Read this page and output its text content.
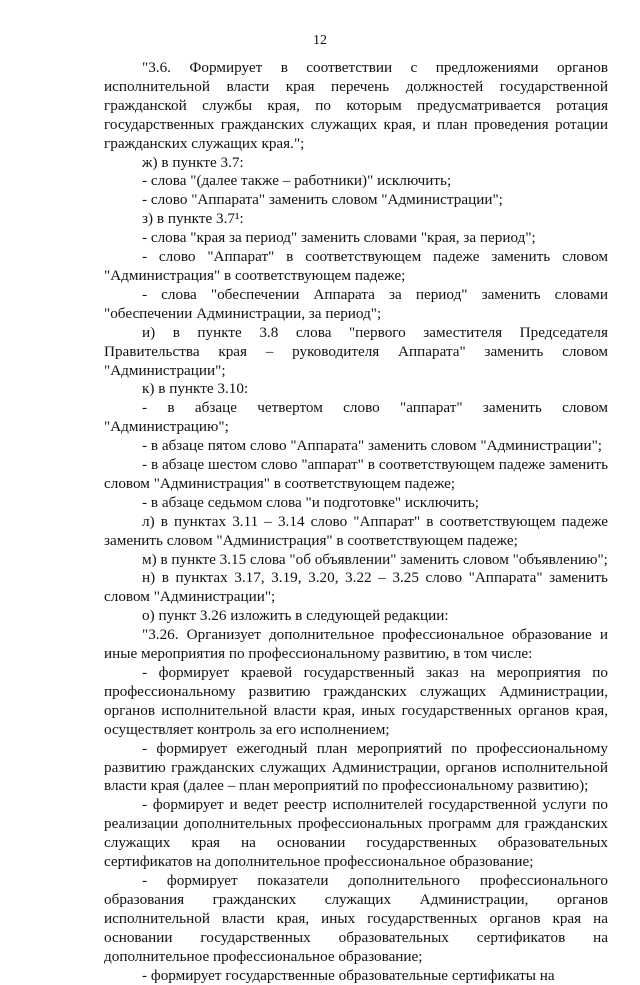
12

"3.6. Формирует в соответствии с предложениями органов исполнительной власти края перечень должностей государственной гражданской службы края, по которым предусматривается ротация государственных гражданских служащих края, и план проведения ротации гражданских служащих края.";

ж) в пункте 3.7:

- слова "(далее также – работники)" исключить;

- слово "Аппарата" заменить словом "Администрации";

з) в пункте 3.7¹:

- слова "края за период" заменить словами "края, за период";

- слово "Аппарат" в соответствующем падеже заменить словом "Администрация" в соответствующем падеже;

- слова "обеспечении Аппарата за период" заменить словами "обеспечении Администрации, за период";

и) в пункте 3.8 слова "первого заместителя Председателя Правительства края – руководителя Аппарата" заменить словом "Администрации";

к) в пункте 3.10:

- в абзаце четвертом слово "аппарат" заменить словом "Администрацию";

- в абзаце пятом слово "Аппарата" заменить словом "Администрации";

- в абзаце шестом слово "аппарат" в соответствующем падеже заменить словом "Администрация" в соответствующем падеже;

- в абзаце седьмом слова "и подготовке" исключить;

л) в пунктах 3.11 – 3.14 слово "Аппарат" в соответствующем падеже заменить словом "Администрация" в соответствующем падеже;

м) в пункте 3.15 слова "об объявлении" заменить словом "объявлению";

н) в пунктах 3.17, 3.19, 3.20, 3.22 – 3.25 слово "Аппарата" заменить словом "Администрации";

о) пункт 3.26 изложить в следующей редакции:

"3.26. Организует дополнительное профессиональное образование и иные мероприятия по профессиональному развитию, в том числе:

- формирует краевой государственный заказ на мероприятия по профессиональному развитию гражданских служащих Администрации, органов исполнительной власти края, иных государственных органов края, осуществляет контроль за его исполнением;

- формирует ежегодный план мероприятий по профессиональному развитию гражданских служащих Администрации, органов исполнительной власти края (далее – план мероприятий по профессиональному развитию);

- формирует и ведет реестр исполнителей государственной услуги по реализации дополнительных профессиональных программ для гражданских служащих края на основании государственных образовательных сертификатов на дополнительное профессиональное образование;

- формирует показатели дополнительного профессионального образования гражданских служащих Администрации, органов исполнительной власти края, иных государственных органов края на основании государственных образовательных сертификатов на дополнительное профессиональное образование;

- формирует государственные образовательные сертификаты на
